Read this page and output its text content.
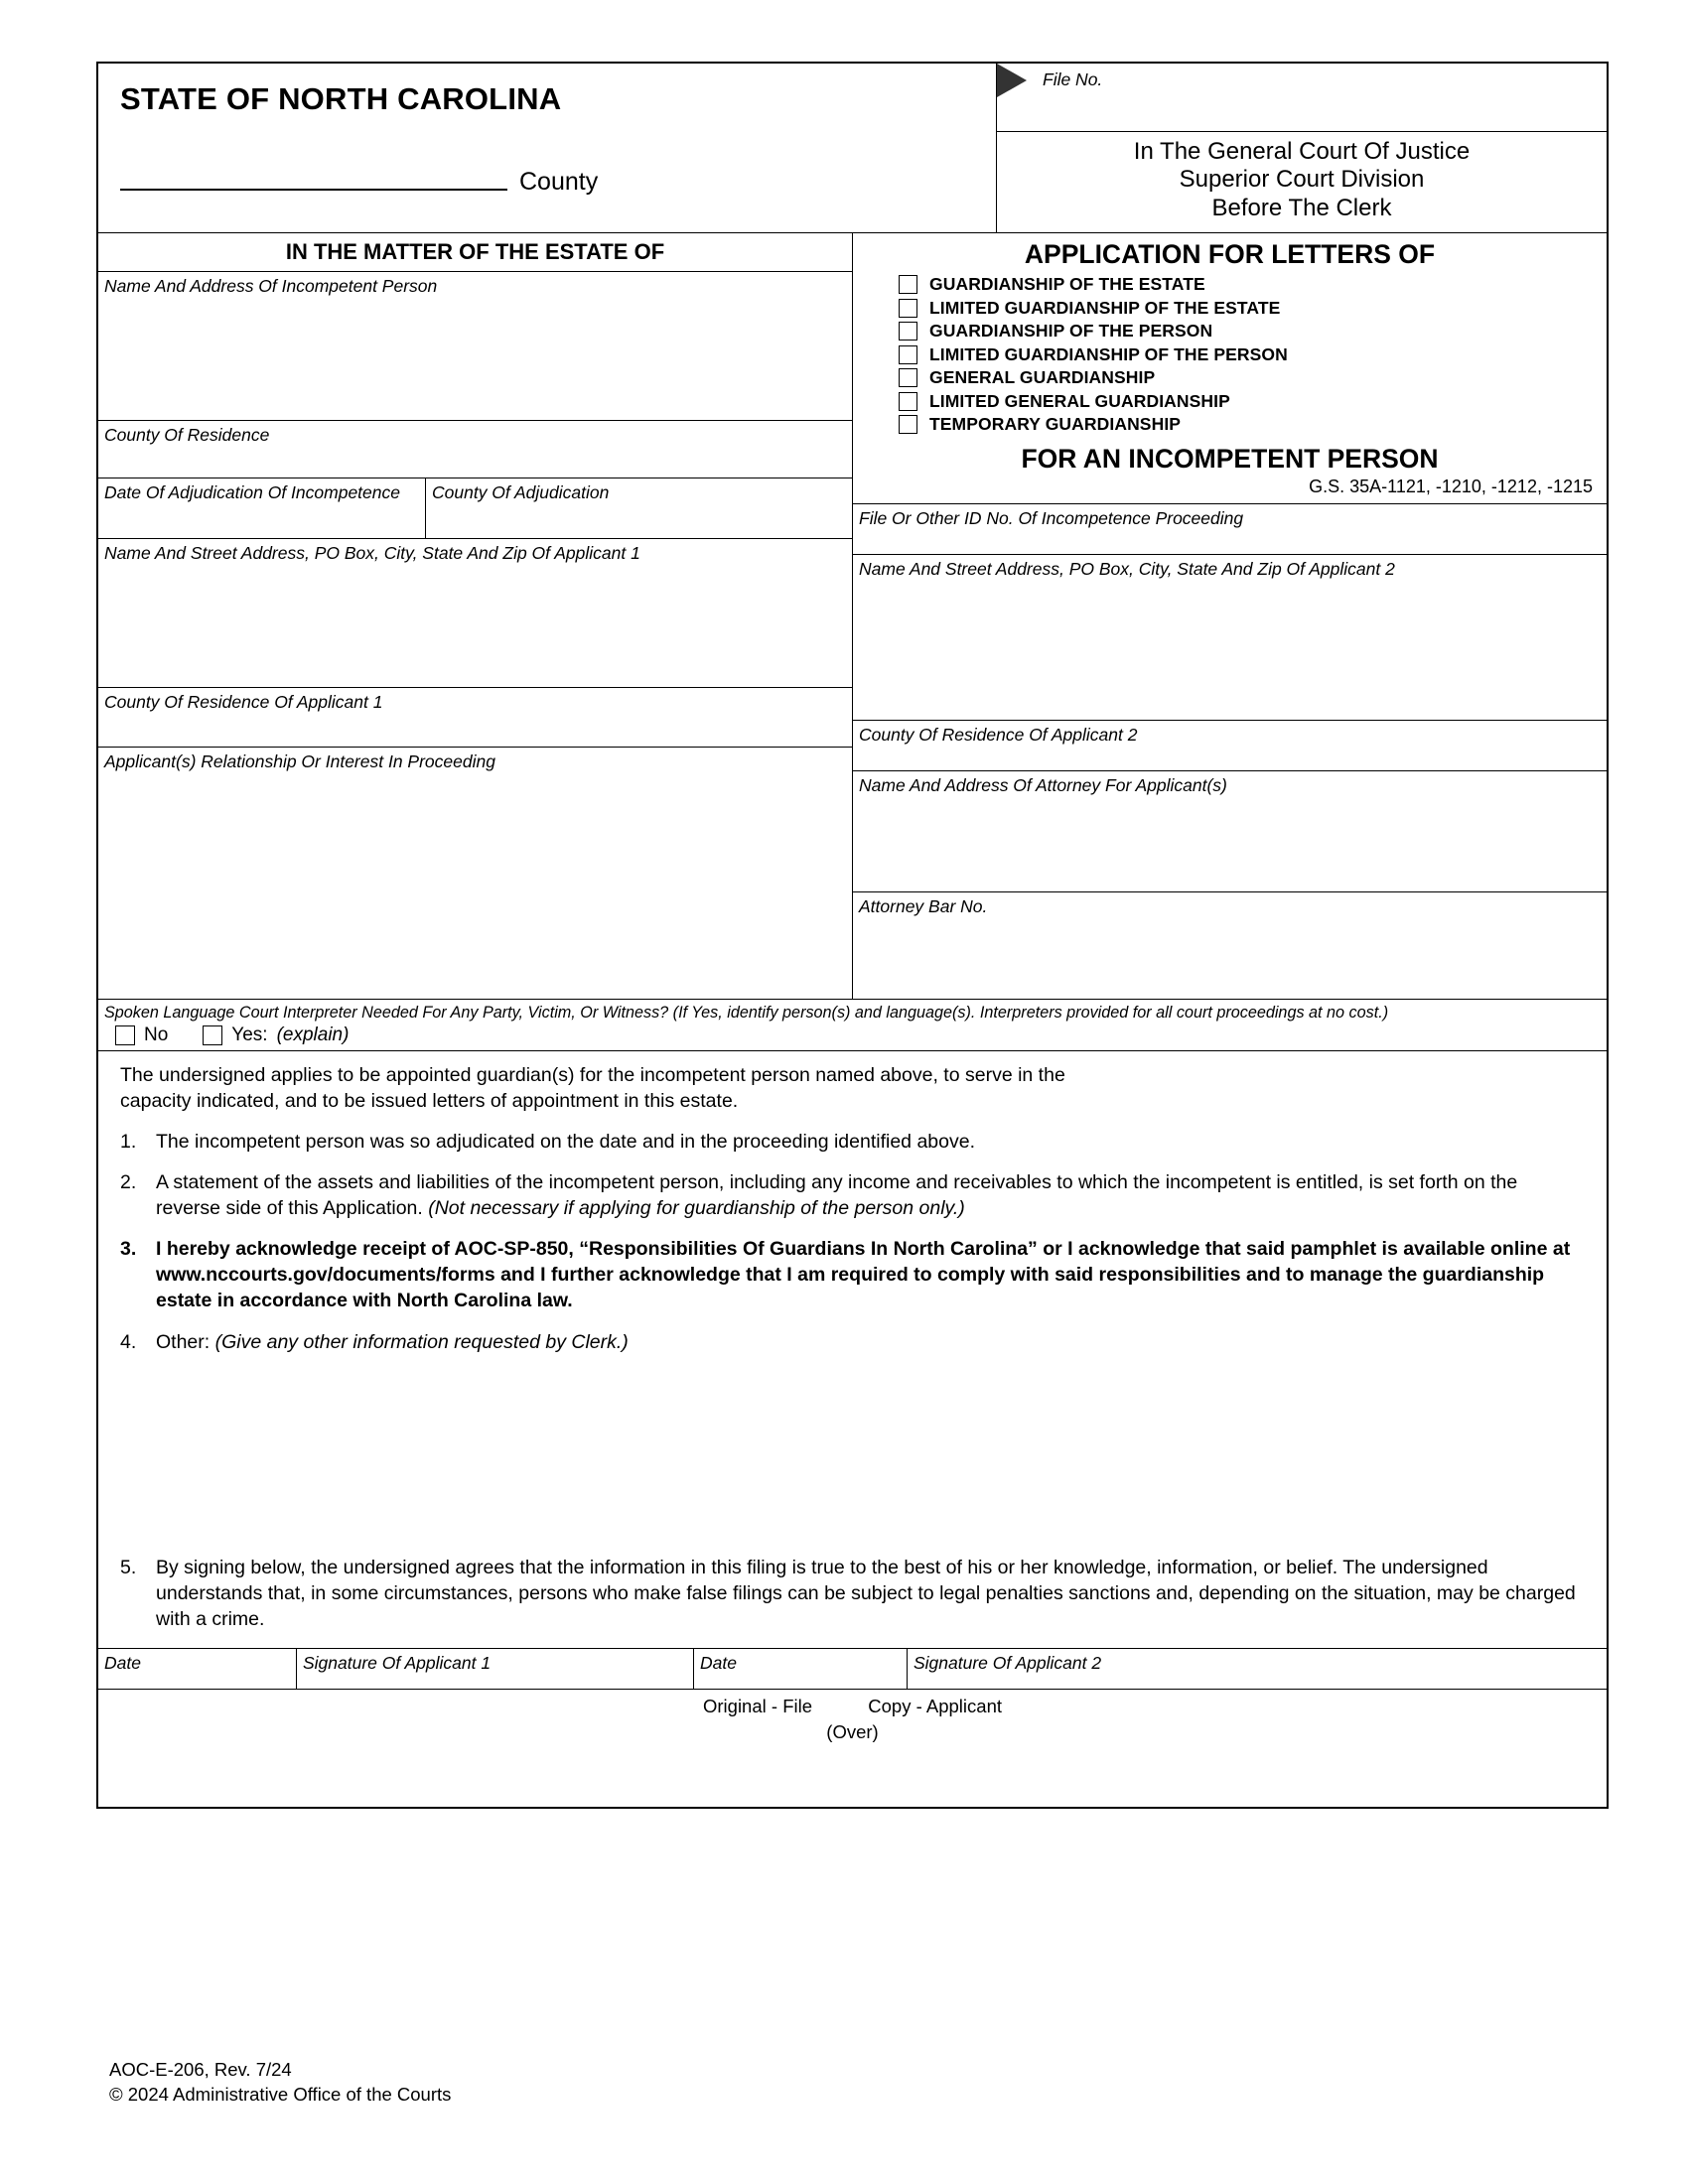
STATE OF NORTH CAROLINA
County
File No.
In The General Court Of Justice
Superior Court Division
Before The Clerk
IN THE MATTER OF THE ESTATE OF
Name And Address Of Incompetent Person
County Of Residence
Date Of Adjudication Of Incompetence	County Of Adjudication
Name And Street Address, PO Box, City, State And Zip Of Applicant 1
County Of Residence Of Applicant 1
Applicant(s) Relationship Or Interest In Proceeding
APPLICATION FOR LETTERS OF
GUARDIANSHIP OF THE ESTATE
LIMITED GUARDIANSHIP OF THE ESTATE
GUARDIANSHIP OF THE PERSON
LIMITED GUARDIANSHIP OF THE PERSON
GENERAL GUARDIANSHIP
LIMITED GENERAL GUARDIANSHIP
TEMPORARY GUARDIANSHIP
FOR AN INCOMPETENT PERSON
G.S. 35A-1121, -1210, -1212, -1215
File Or Other ID No. Of Incompetence Proceeding
Name And Street Address, PO Box, City, State And Zip Of Applicant 2
County Of Residence Of Applicant 2
Name And Address Of Attorney For Applicant(s)
Attorney Bar No.
Spoken Language Court Interpreter Needed For Any Party, Victim, Or Witness? (If Yes, identify person(s) and language(s). Interpreters provided for all court proceedings at no cost.)
No	Yes: (explain)
The undersigned applies to be appointed guardian(s) for the incompetent person named above, to serve in the
capacity indicated, and to be issued letters of appointment in this estate.
1.	The incompetent person was so adjudicated on the date and in the proceeding identified above.
2.	A statement of the assets and liabilities of the incompetent person, including any income and receivables to which the incompetent is entitled, is set forth on the reverse side of this Application. (Not necessary if applying for guardianship of the person only.)
3.	I hereby acknowledge receipt of AOC-SP-850, “Responsibilities Of Guardians In North Carolina” or I acknowledge that said pamphlet is available online at www.nccourts.gov/documents/forms and I further acknowledge that I am required to comply with said responsibilities and to manage the guardianship estate in accordance with North Carolina law.
4.	Other: (Give any other information requested by Clerk.)
5.	By signing below, the undersigned agrees that the information in this filing is true to the best of his or her knowledge, information, or belief. The undersigned understands that, in some circumstances, persons who make false filings can be subject to legal penalties sanctions and, depending on the situation, may be charged with a crime.
Date	Signature Of Applicant 1	Date	Signature Of Applicant 2
Original - File	Copy - Applicant
(Over)
AOC-E-206, Rev. 7/24
© 2024 Administrative Office of the Courts
